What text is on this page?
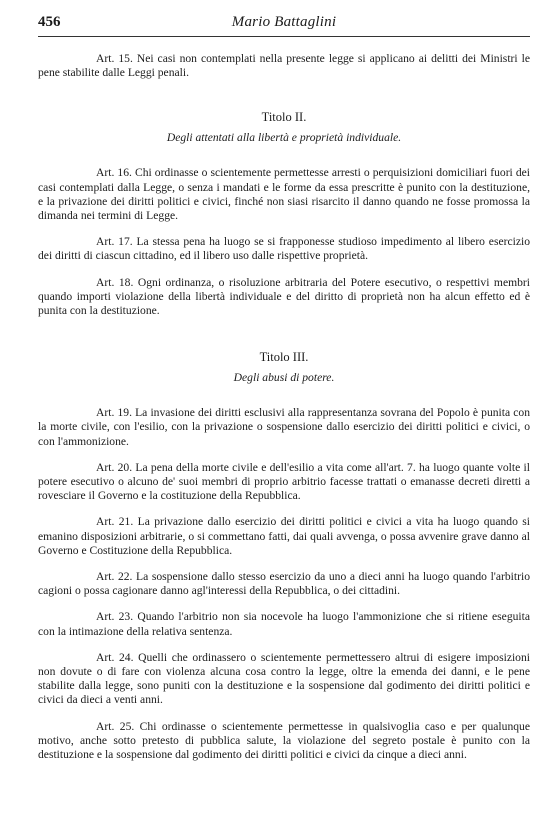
456	Mario Battaglini

Art. 15. Nei casi non contemplati nella presente legge si applicano ai delitti dei Ministri le pene stabilite dalle Leggi penali.

Titolo II.

Degli attentati alla libertà e proprietà individuale.

Art. 16. Chi ordinasse o scientemente permettesse arresti o perquisizioni domiciliari fuori dei casi contemplati dalla Legge, o senza i mandati e le forme da essa prescritte è punito con la destituzione, e la privazione dei diritti politici e civici, finché non siasi risarcito il danno quando ne fosse promossa la dimanda nei termini di Legge.

Art. 17. La stessa pena ha luogo se si frapponesse studioso impedimento al libero esercizio dei diritti di ciascun cittadino, ed il libero uso dalle rispettive proprietà.

Art. 18. Ogni ordinanza, o risoluzione arbitraria del Potere esecutivo, o respettivi membri quando importi violazione della libertà individuale e del diritto di proprietà non ha alcun effetto ed è punita con la destituzione.

Titolo III.

Degli abusi di potere.

Art. 19. La invasione dei diritti esclusivi alla rappresentanza sovrana del Popolo è punita con la morte civile, con l'esilio, con la privazione o sospensione dallo esercizio dei diritti politici e civici, o con l'ammonizione.

Art. 20. La pena della morte civile e dell'esilio a vita come all'art. 7. ha luogo quante volte il potere esecutivo o alcuno de' suoi membri di proprio arbitrio facesse trattati o emanasse decreti diretti a rovesciare il Governo e la costituzione della Repubblica.

Art. 21. La privazione dallo esercizio dei diritti politici e civici a vita ha luogo quando si emanino disposizioni arbitrarie, o si commettano fatti, dai quali avvenga, o possa avvenire grave danno al Governo e Costituzione della Repubblica.

Art. 22. La sospensione dallo stesso esercizio da uno a dieci anni ha luogo quando l'arbitrio cagioni o possa cagionare danno agl'interessi della Repubblica, o dei cittadini.

Art. 23. Quando l'arbitrio non sia nocevole ha luogo l'ammonizione che si ritiene eseguita con la intimazione della relativa sentenza.

Art. 24. Quelli che ordinassero o scientemente permettessero altrui di esigere imposizioni non dovute o di fare con violenza alcuna cosa contro la legge, oltre la emenda dei danni, e le pene stabilite dalla legge, sono puniti con la destituzione e la sospensione dal godimento dei diritti politici e civici da dieci a venti anni.

Art. 25. Chi ordinasse o scientemente permettesse in qualsivoglia caso e per qualunque motivo, anche sotto pretesto di pubblica salute, la violazione del segreto postale è punito con la destituzione e la sospensione dal godimento dei diritti politici e civici da cinque a dieci anni.
